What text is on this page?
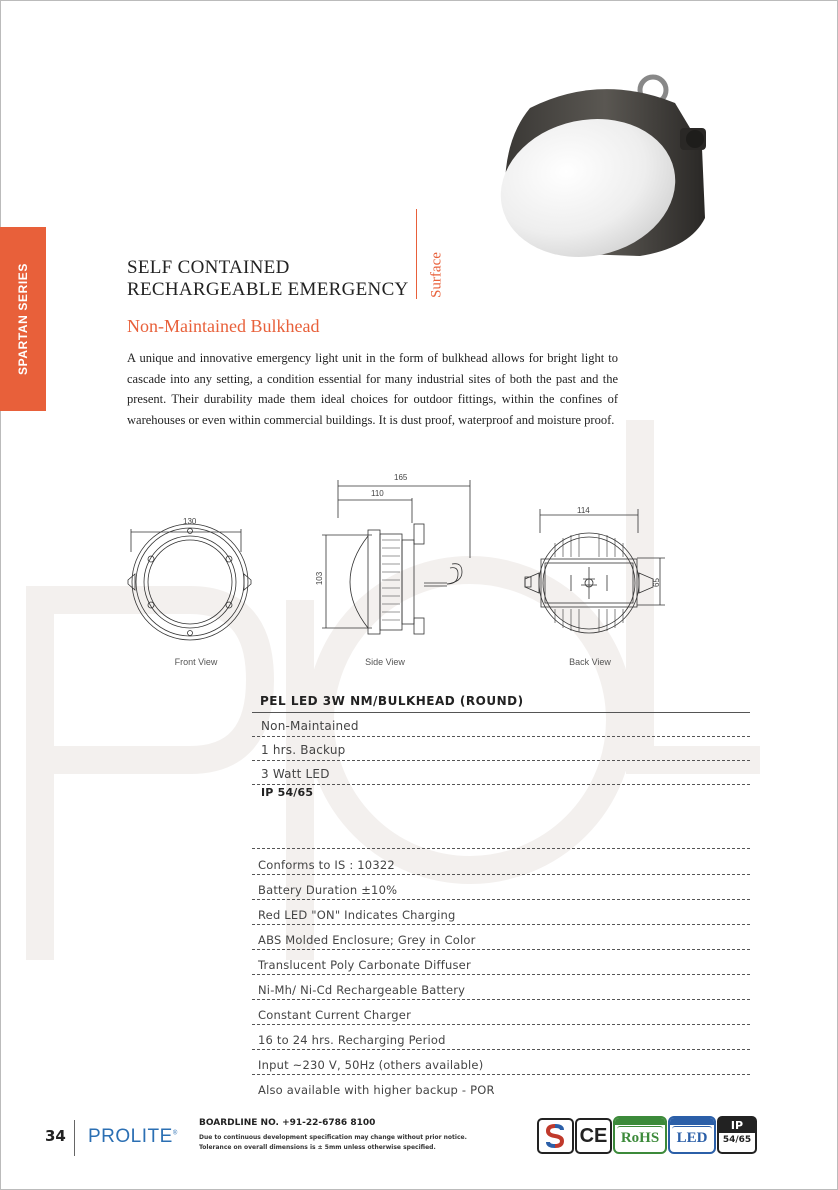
SPARTAN SERIES	SELF CONTAINED
RECHARGEABLE EMERGENCY Surface
Non-Maintained Bulkhead
A unique and innovative emergency light unit in the form of bulkhead allows for bright light to cascade into any setting, a condition essential for many industrial sites of both the past and the present. Their durability made them ideal choices for outdoor fittings, within the confines of warehouses or even within commercial buildings. It is dust proof, waterproof and moisture proof.
130
Front View
165
110
103
Side View
114
65
Back View
PEL LED 3W NM/BULKHEAD (ROUND)
Non-Maintained
1 hrs. Backup
3 Watt LED
IP 54/65
Conforms to IS : 10322
Battery Duration ±10%
Red LED "ON" Indicates Charging
ABS Molded Enclosure; Grey in Color
Translucent Poly Carbonate Diffuser
Ni-Mh/ Ni-Cd Rechargeable Battery
Constant Current Charger
16 to 24 hrs. Recharging Period
Input ~230 V, 50Hz (others available)
Also available with higher backup - POR
34 PROLITE®
BOARDLINE NO. +91-22-6786 8100
Due to continuous development specification may change without prior notice.
Tolerance on overall dimensions is ± 5mm unless otherwise specified.
CE RoHS	LED
IP
54/65
